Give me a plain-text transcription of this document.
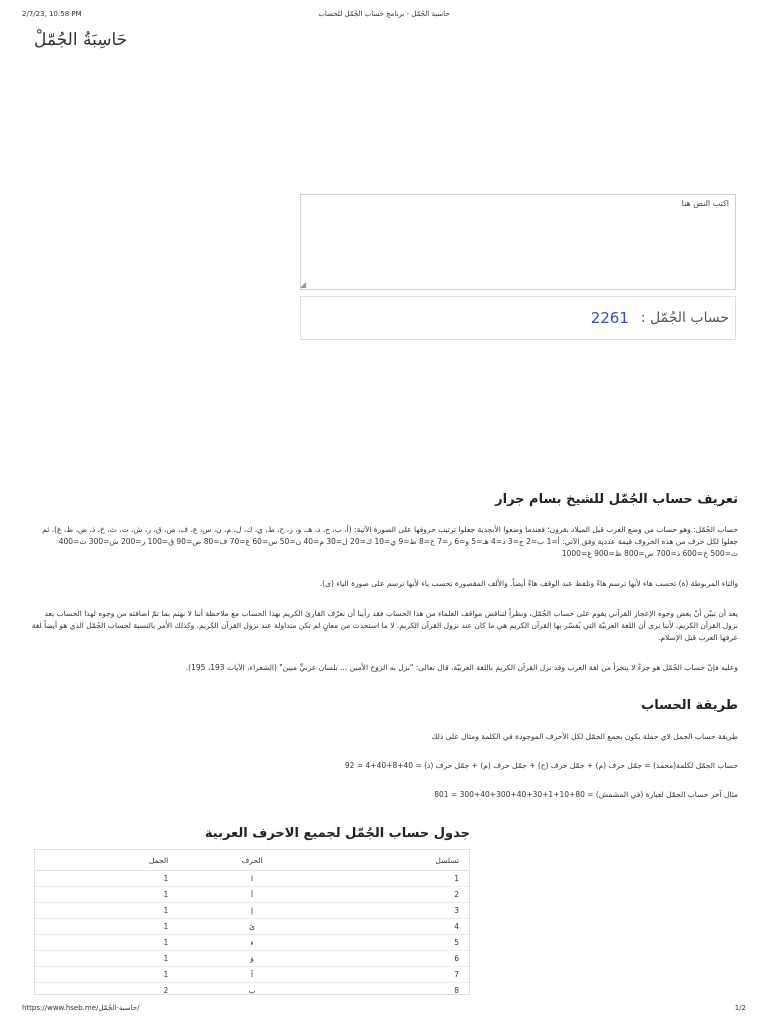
2/7/23, 10:58 PM	حاسبة الجُمّل - برنامج حساب الجُمّل للحساب
حَاسِبَةُ الجُمّلْ
اكتب النص هنا
◢
حساب الجُمّل :
2261
تعريف حساب الجُمّل للشيخ بسام جرار

حساب الجُمّل: وهو حساب من وضع العرب قبل الميلاد بقرون؛ فعندما وضعوا الأبجدية جعلوا ترتيب حروفها على الصورة الآتية: (أ، ب، ج، د، هـ، و، ز، ح، ط، ي، ك، ل، م، ن، س، ع، ف، ص، ق، ر، ش، ت، ث، خ، ذ، ض، ظ، غ). ثم جعلوا لكل حرف من هذه الحروف قيمة عددية وفق الآتي: أ=1 ب=2 ج=3 د=4 هـ=5 و=6 ز=7 ح=8 ط=9 ي=10 ك=20 ل=30 م=40 ن=50 س=60 ع=70 ف=80 ص=90 ق=100 ر=200 ش=300 ت=400 ث=500 خ=600 ذ=700 ض=800 ظ=900 غ=1000

والتاء المربوطة (ة) تحسب هاء لأنها ترسم هاءً وتلفظ عند الوقف هاءً أيضاً. والألف المقصورة تحسب ياء لأنها ترسم على صورة الياء (ى).

يعد أن تبيّن أنّ بعض وجوه الإعجاز القرآني يقوم على حساب الجُمّل، ونظراً لتناقض مواقف العلماء من هذا الحساب فقد رأينا أن نعرّف القارئ الكريم بهذا الحساب مع ملاحظة أننا لا نهتم بما تمّ اضافته من وجوه لهذا الحساب بعد نزول القرآن الكريم، لأننا نرى أن اللغة العربيّة التي يُفسّر بها القرآن الكريم هي ما كان عند نزول القرآن الكريم. لا ما استحدث من معانٍ لم تكن متداولة عند نزول القرآن الكريم. وكذلك الأمر بالنسبة لحساب الجُمّل الذي هو أيضاً لغة عرفها العرب قبل الإسلام.

وعليه فإنّ حساب الجُمّل هو جزءٌ لا يتجزأ من لغة العرب وقد نزل القرآن الكريم باللغة العربيّة، قال تعالى: "نزل به الروح الأمين ... بلسان عربيٍّ مبين" (الشعراء، الآيات 193، 195).

طريقة الحساب

طريقة حساب الجمل لاي جملة يكون بجمع الجمّل لكل الأحرف الموجودة في الكلمة ومثال على ذلك

حساب الجمّل لكلمة(محمد) = جمّل حرف (م) + جمّل حرف (ح) + جمّل حرف (م) + جمّل حرف (د) = 40+8+40+4 = 92

مثال آخر حساب الجمّل لعبارة (في المشمش) = 80+10+1+30+40+300+40+300 = 801

جدول حساب الجُمّل لجميع الاحرف العربية
تسلسل	الحرف	الجمل
1	ا	1
2	أ	1
3	إ	1
4	ئ	1
5	ء	1
6	ؤ	1
7	آ	1
8	ب	2
https://www.hseb.me/حاسبة-الجُمّل/	1/2
